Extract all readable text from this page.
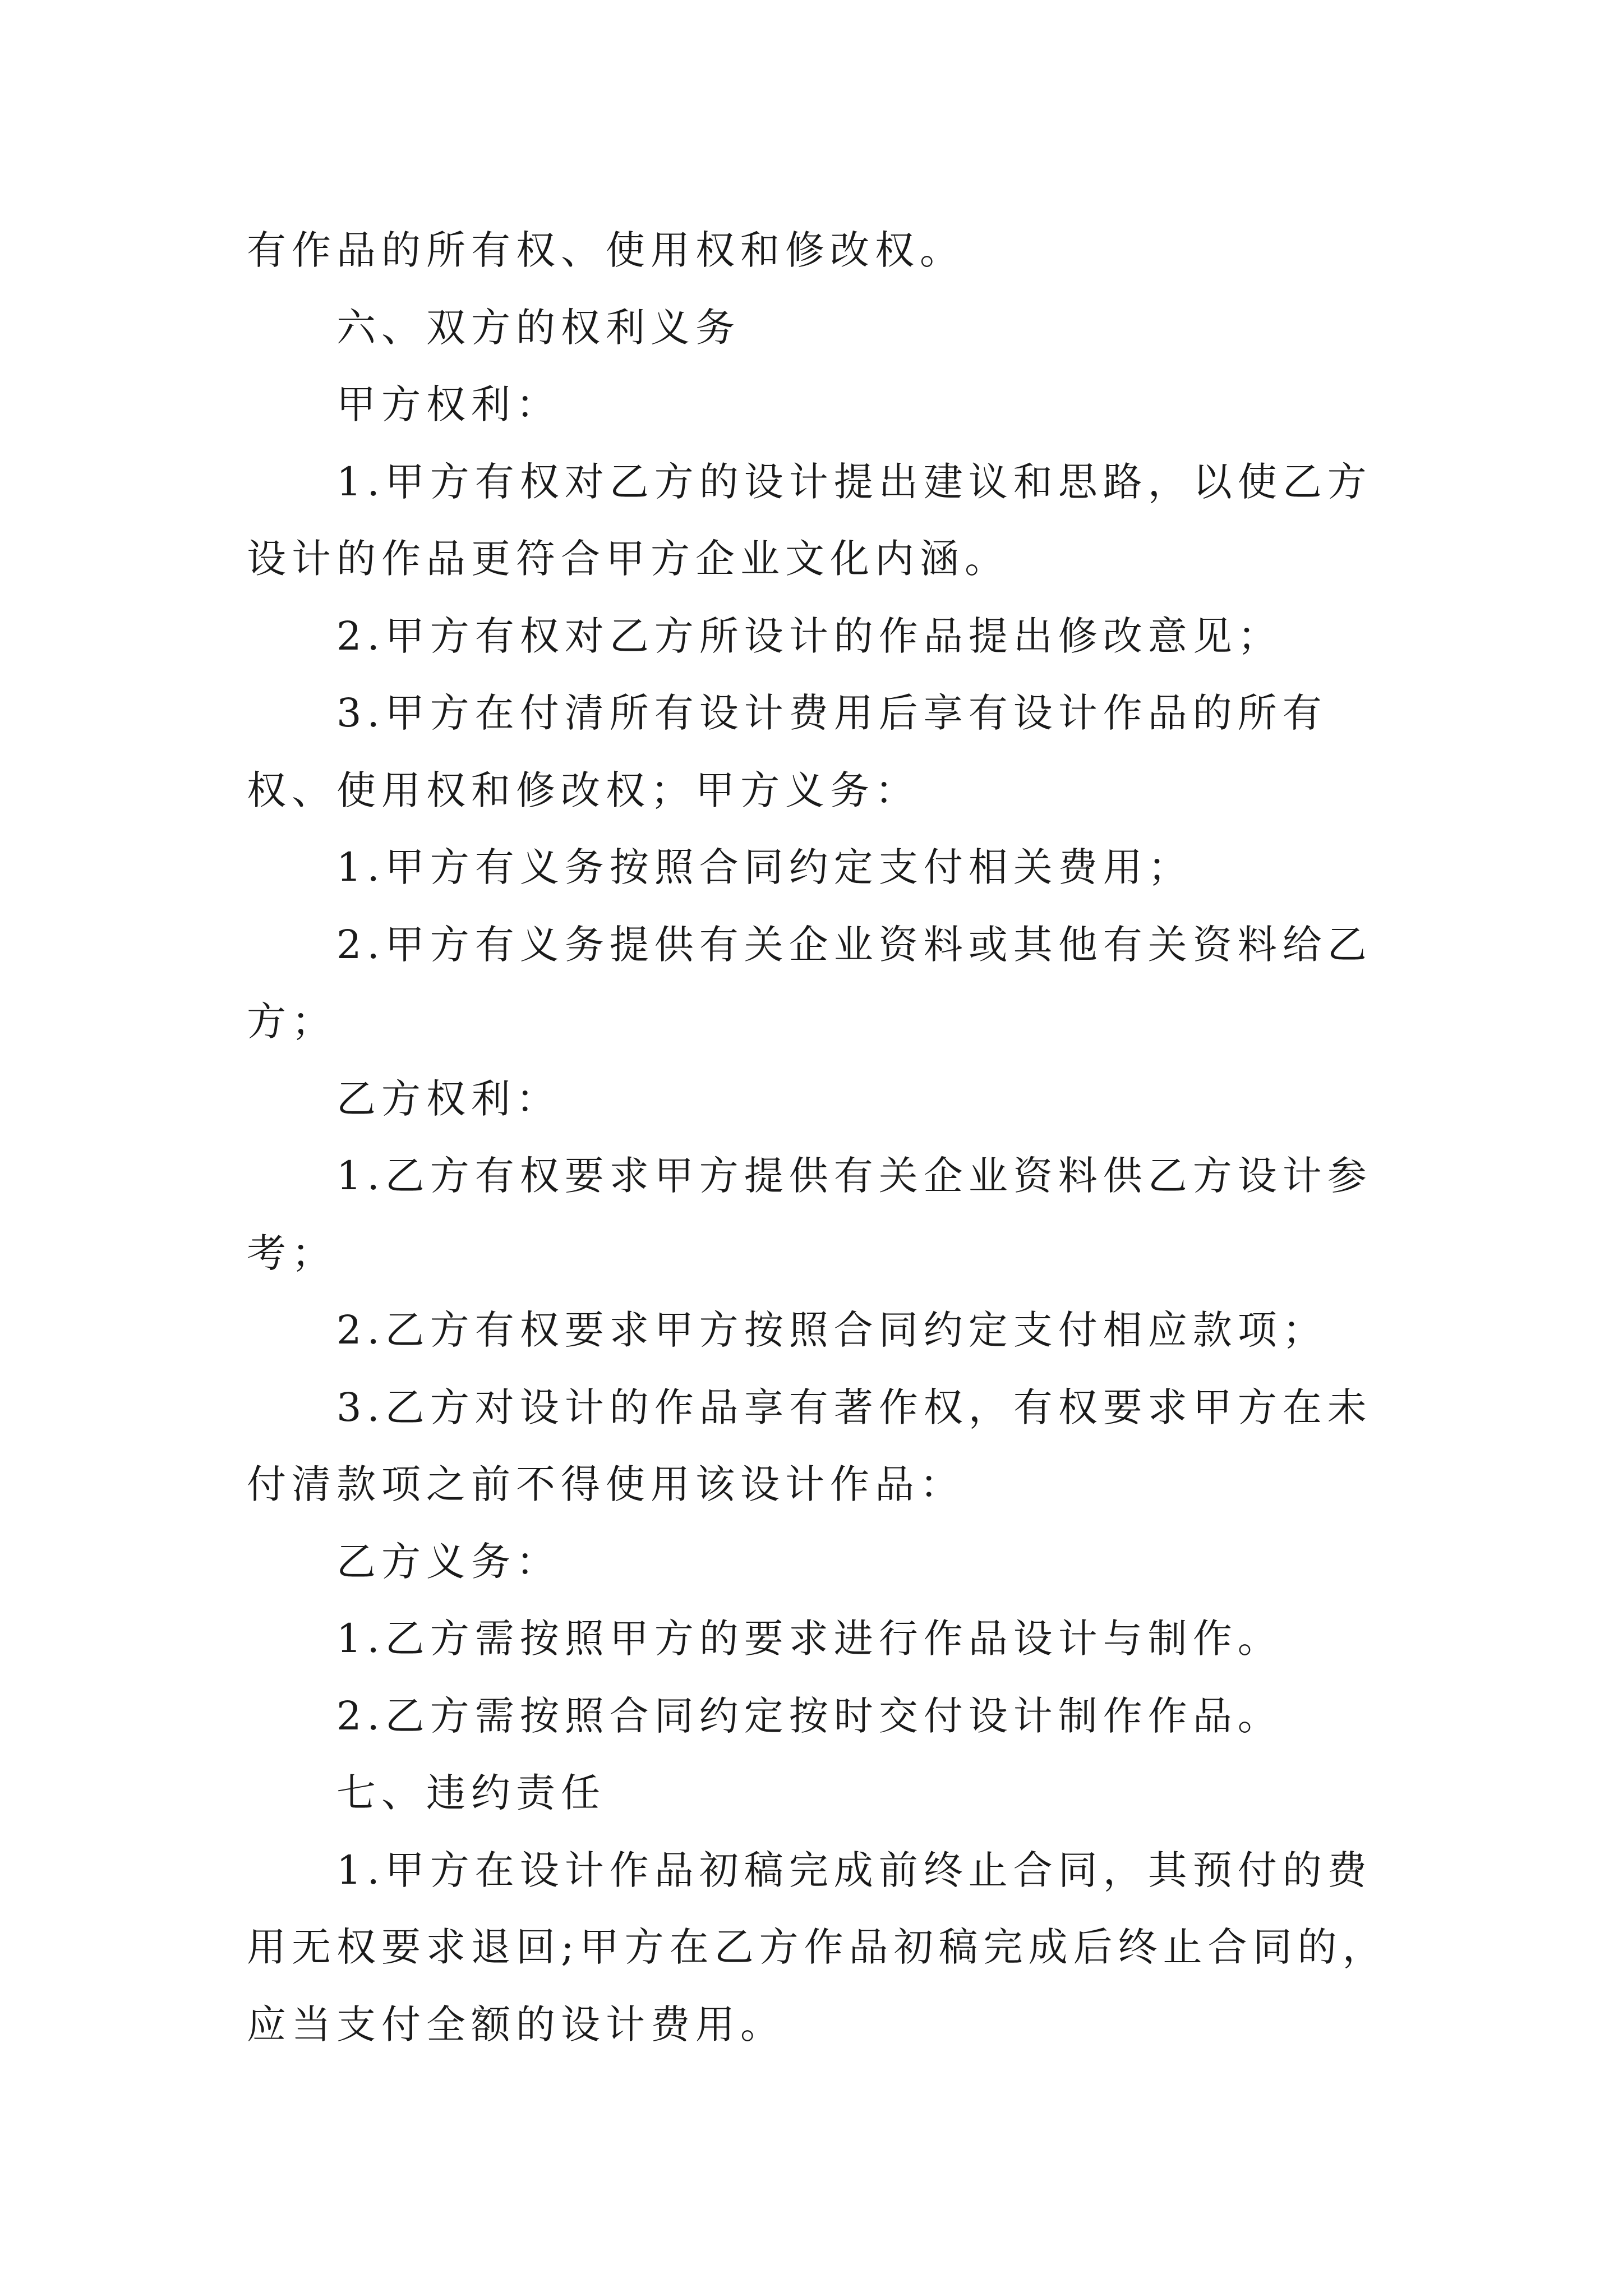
有作品的所有权、使用权和修改权。

六、双方的权利义务

甲方权利：

1.甲方有权对乙方的设计提出建议和思路，以使乙方设计的作品更符合甲方企业文化内涵。

2.甲方有权对乙方所设计的作品提出修改意见；

3.甲方在付清所有设计费用后享有设计作品的所有权、使用权和修改权；甲方义务：

1.甲方有义务按照合同约定支付相关费用；

2.甲方有义务提供有关企业资料或其他有关资料给乙方；

乙方权利：

1.乙方有权要求甲方提供有关企业资料供乙方设计参考；

2.乙方有权要求甲方按照合同约定支付相应款项；

3.乙方对设计的作品享有著作权，有权要求甲方在未付清款项之前不得使用该设计作品：

乙方义务：

1.乙方需按照甲方的要求进行作品设计与制作。

2.乙方需按照合同约定按时交付设计制作作品。

七、违约责任

1.甲方在设计作品初稿完成前终止合同，其预付的费用无权要求退回;甲方在乙方作品初稿完成后终止合同的，应当支付全额的设计费用。
